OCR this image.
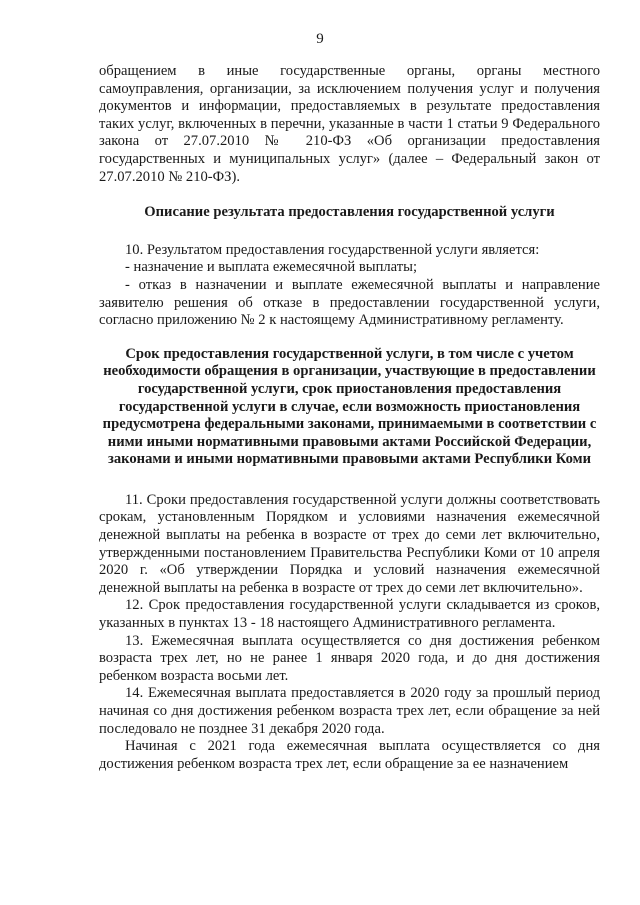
9

обращением в иные государственные органы, органы местного самоуправления, организации, за исключением получения услуг и получения документов и информации, предоставляемых в результате предоставления таких услуг, включенных в перечни, указанные в части 1 статьи 9 Федерального закона от 27.07.2010 № 210-ФЗ «Об организации предоставления государственных и муниципальных услуг» (далее – Федеральный закон от 27.07.2010 № 210-ФЗ).

Описание результата предоставления государственной услуги

10. Результатом предоставления государственной услуги является:

- назначение и выплата ежемесячной выплаты;

- отказ в назначении и выплате ежемесячной выплаты и направление заявителю решения об отказе в предоставлении государственной услуги, согласно приложению № 2 к настоящему Административному регламенту.

Срок предоставления государственной услуги, в том числе с учетом необходимости обращения в организации, участвующие в предоставлении государственной услуги, срок приостановления предоставления государственной услуги в случае, если возможность приостановления предусмотрена федеральными законами, принимаемыми в соответствии с ними иными нормативными правовыми актами Российской Федерации, законами и иными нормативными правовыми актами Республики Коми

11. Сроки предоставления государственной услуги должны соответствовать срокам, установленным Порядком и условиями назначения ежемесячной денежной выплаты на ребенка в возрасте от трех до семи лет включительно, утвержденными постановлением Правительства Республики Коми от 10 апреля 2020 г. «Об утверждении Порядка и условий назначения ежемесячной денежной выплаты на ребенка в возрасте от трех до семи лет включительно».

12. Срок предоставления государственной услуги складывается из сроков, указанных в пунктах 13 - 18 настоящего Административного регламента.

13. Ежемесячная выплата осуществляется со дня достижения ребенком возраста трех лет, но не ранее 1 января 2020 года, и до дня достижения ребенком возраста восьми лет.

14. Ежемесячная выплата предоставляется в 2020 году за прошлый период начиная со дня достижения ребенком возраста трех лет, если обращение за ней последовало не позднее 31 декабря 2020 года.

Начиная с 2021 года ежемесячная выплата осуществляется со дня достижения ребенком возраста трех лет, если обращение за ее назначением
